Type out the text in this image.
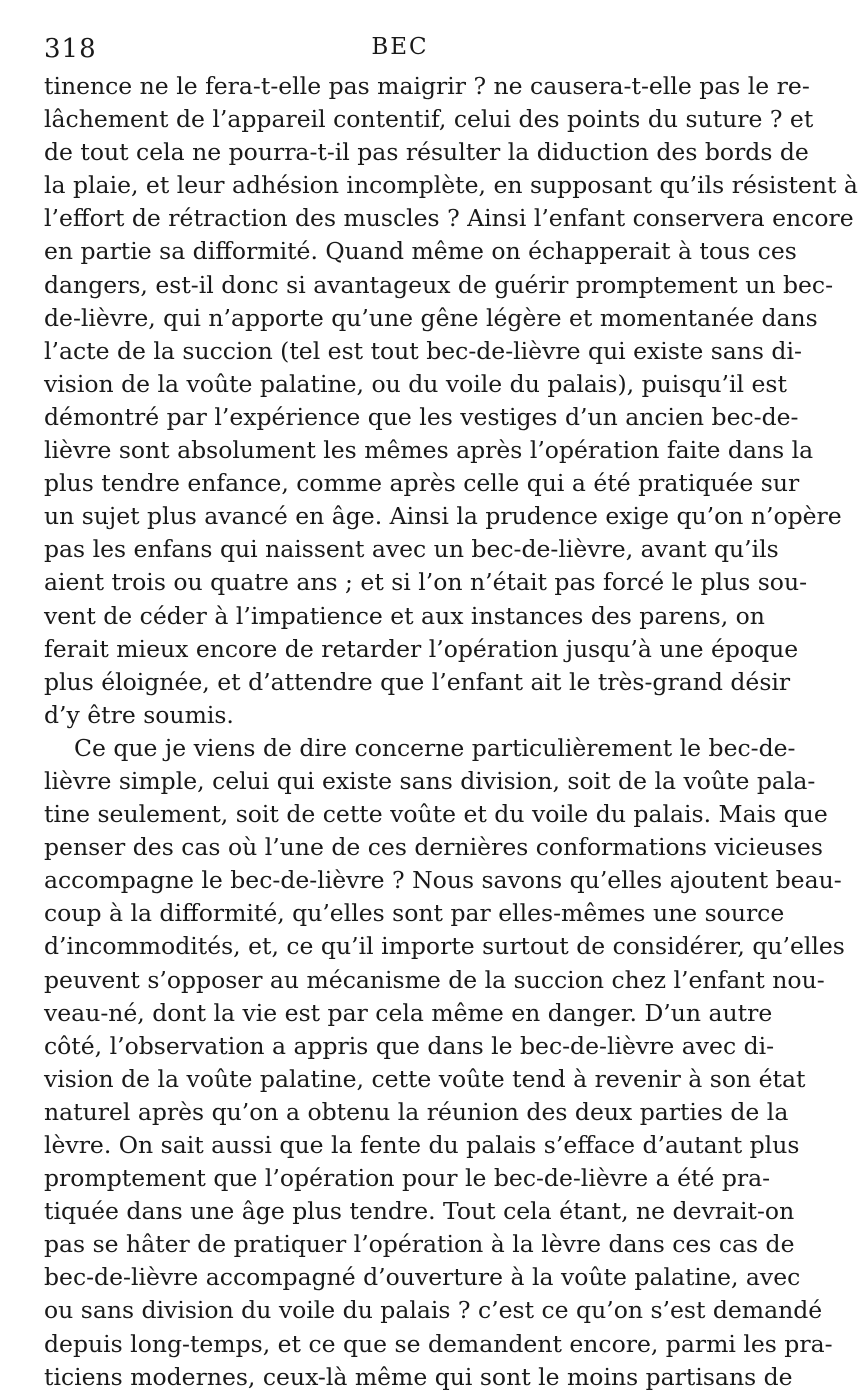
318	BEC
tinence ne le fera-t-elle pas maigrir ? ne causera-t-elle pas le re-
lâchement de l’appareil contentif, celui des points du suture ? et
de tout cela ne pourra-t-il pas résulter la diduction des bords de
la plaie, et leur adhésion incomplète, en supposant qu’ils résistent à
l’effort de rétraction des muscles ? Ainsi l’enfant conservera encore
en partie sa difformité. Quand même on échapperait à tous ces
dangers, est-il donc si avantageux de guérir promptement un bec-
de-lièvre, qui n’apporte qu’une gêne légère et momentanée dans
l’acte de la succion (tel est tout bec-de-lièvre qui existe sans di-
vision de la voûte palatine, ou du voile du palais), puisqu’il est
démontré par l’expérience que les vestiges d’un ancien bec-de-
lièvre sont absolument les mêmes après l’opération faite dans la
plus tendre enfance, comme après celle qui a été pratiquée sur
un sujet plus avancé en âge. Ainsi la prudence exige qu’on n’opère
pas les enfans qui naissent avec un bec-de-lièvre, avant qu’ils
aient trois ou quatre ans ; et si l’on n’était pas forcé le plus sou-
vent de céder à l’impatience et aux instances des parens, on
ferait mieux encore de retarder l’opération jusqu’à une époque
plus éloignée, et d’attendre que l’enfant ait le très-grand désir
d’y être soumis.
Ce que je viens de dire concerne particulièrement le bec-de-
lièvre simple, celui qui existe sans division, soit de la voûte pala-
tine seulement, soit de cette voûte et du voile du palais. Mais que
penser des cas où l’une de ces dernières conformations vicieuses
accompagne le bec-de-lièvre ? Nous savons qu’elles ajoutent beau-
coup à la difformité, qu’elles sont par elles-mêmes une source
d’incommodités, et, ce qu’il importe surtout de considérer, qu’elles
peuvent s’opposer au mécanisme de la succion chez l’enfant nou-
veau-né, dont la vie est par cela même en danger. D’un autre
côté, l’observation a appris que dans le bec-de-lièvre avec di-
vision de la voûte palatine, cette voûte tend à revenir à son état
naturel après qu’on a obtenu la réunion des deux parties de la
lèvre. On sait aussi que la fente du palais s’efface d’autant plus
promptement que l’opération pour le bec-de-lièvre a été pra-
tiquée dans une âge plus tendre. Tout cela étant, ne devrait-on
pas se hâter de pratiquer l’opération à la lèvre dans ces cas de
bec-de-lièvre accompagné d’ouverture à la voûte palatine, avec
ou sans division du voile du palais ? c’est ce qu’on s’est demandé
depuis long-temps, et ce que se demandent encore, parmi les pra-
ticiens modernes, ceux-là même qui sont le moins partisans de
